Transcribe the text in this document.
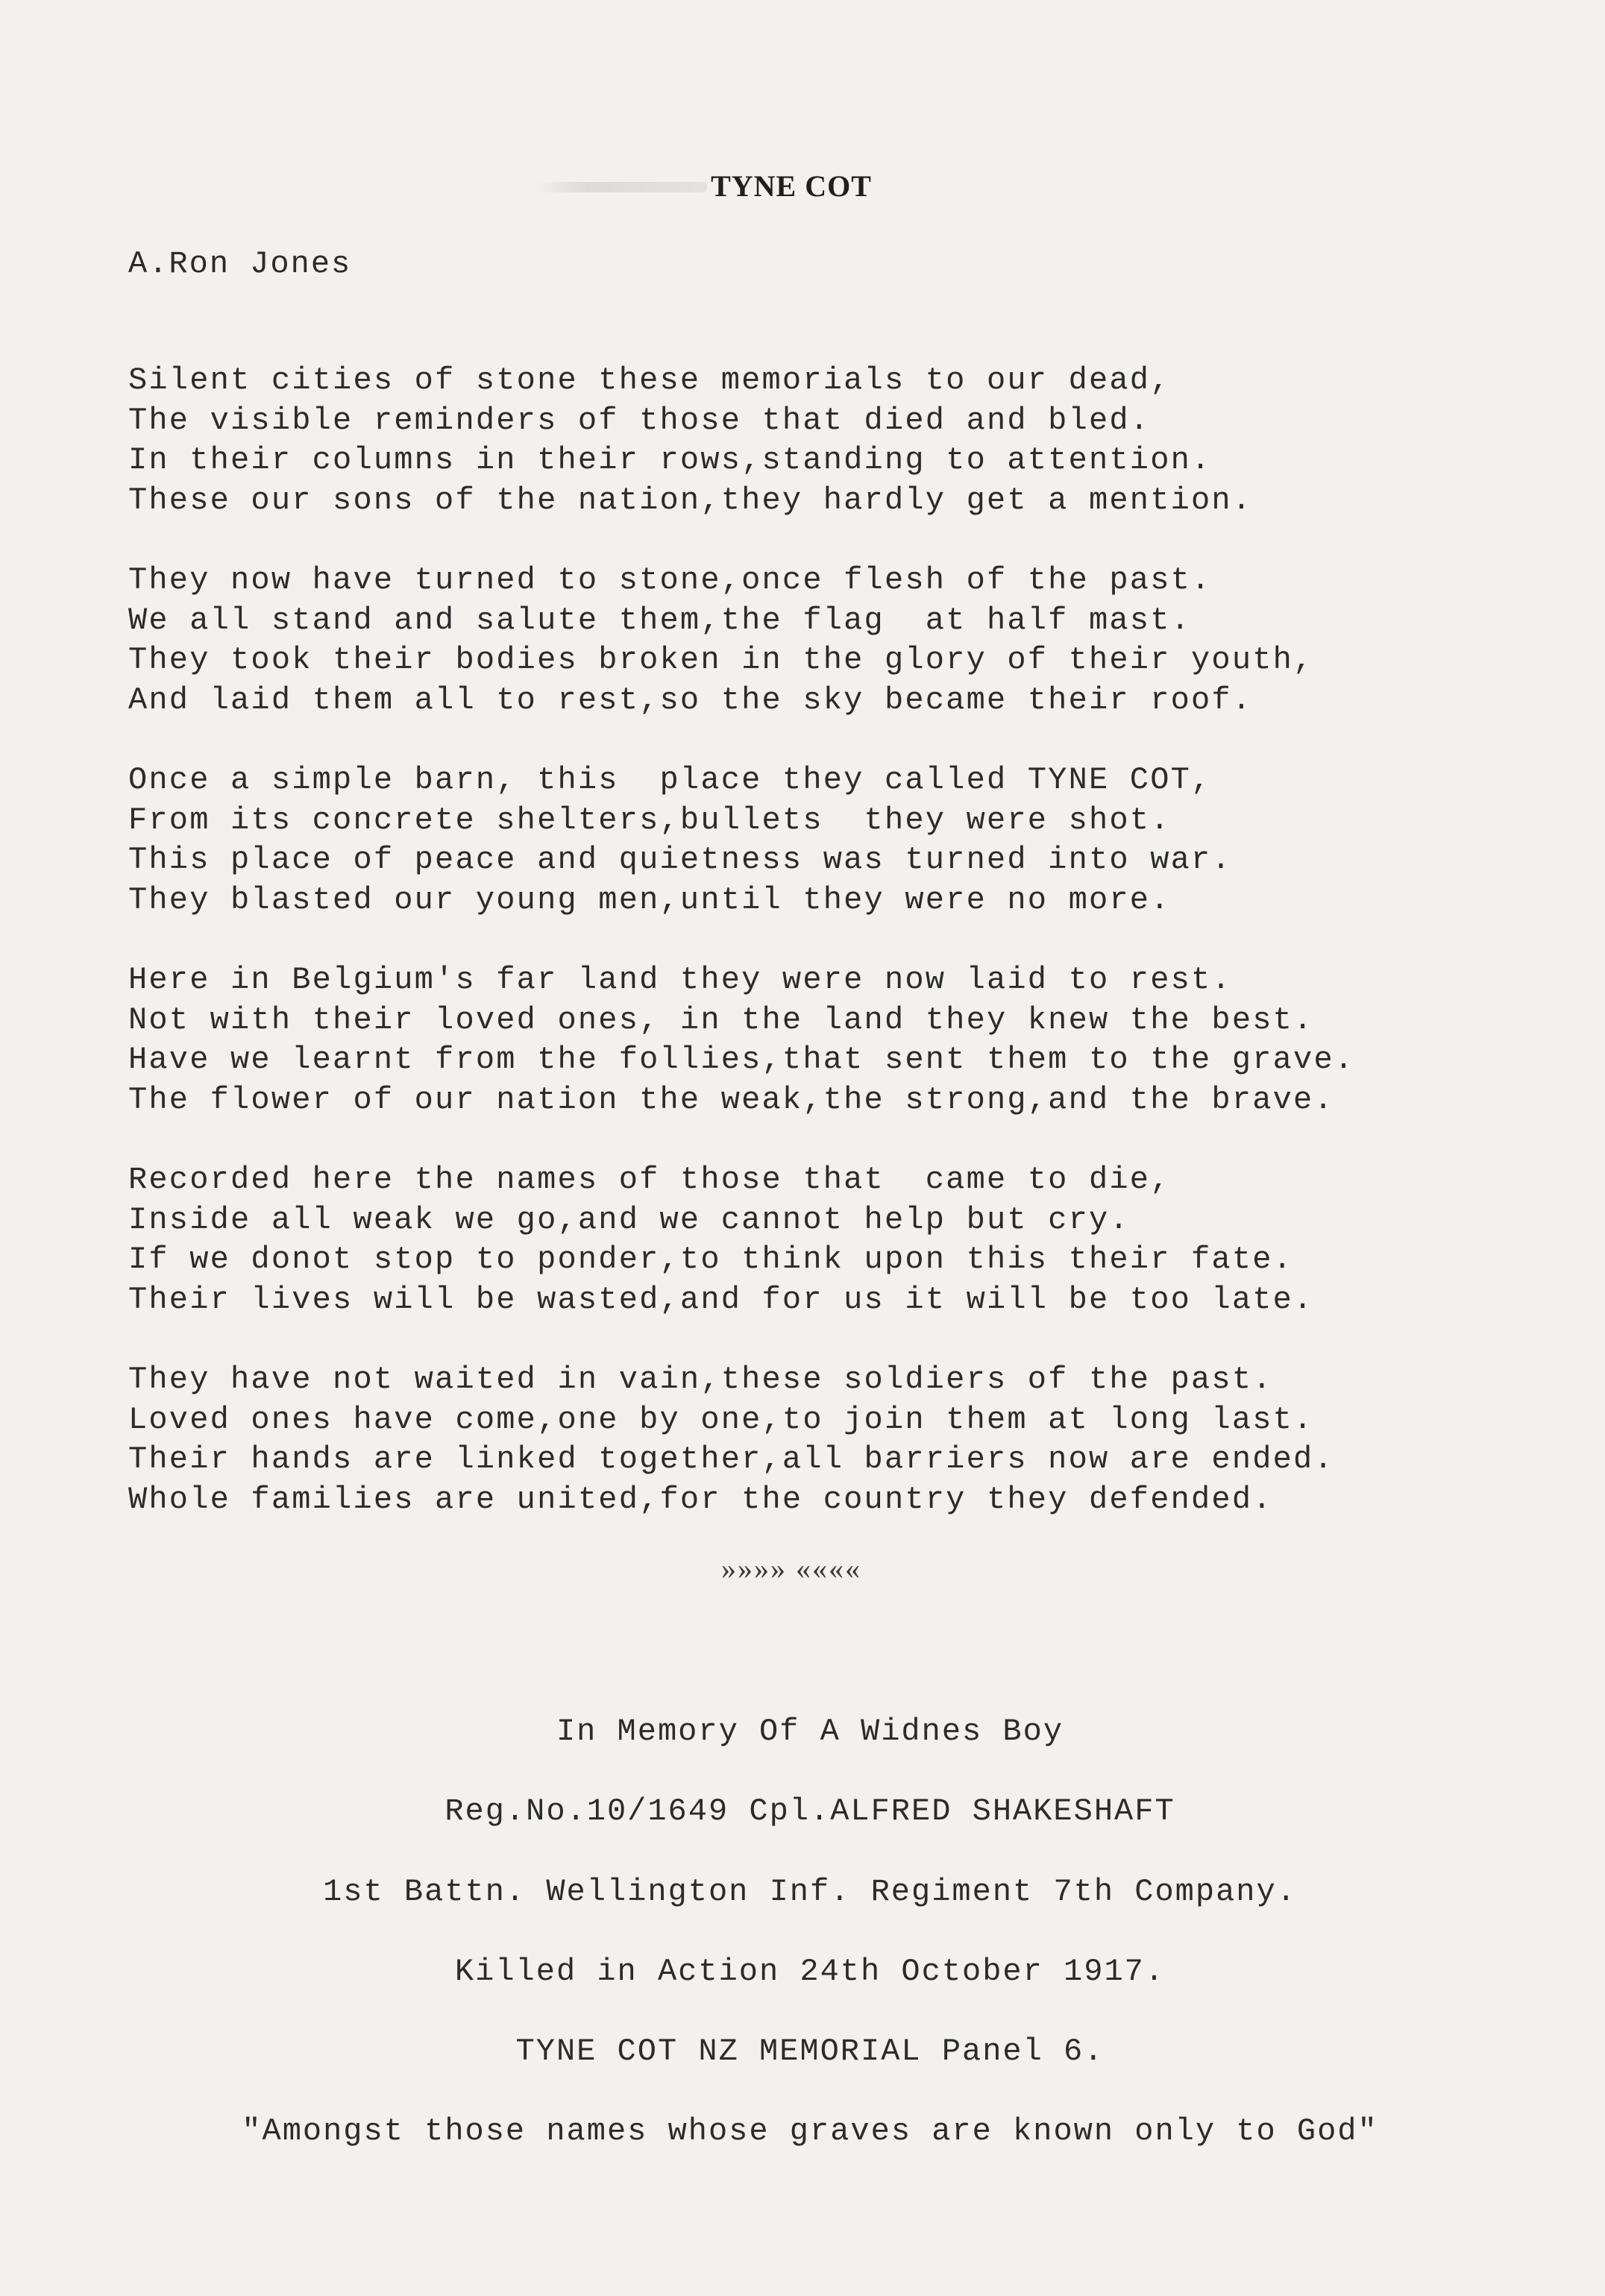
TYNE COT
A.Ron Jones
Silent cities of stone these memorials to our dead,
The visible reminders of those that died and bled.
In their columns in their rows,standing to attention.
These our sons of the nation,they hardly get a mention.
They now have turned to stone,once flesh of the past.
We all stand and salute them,the flag  at half mast.
They took their bodies broken in the glory of their youth,
And laid them all to rest,so the sky became their roof.
Once a simple barn, this  place they called TYNE COT,
From its concrete shelters,bullets  they were shot.
This place of peace and quietness was turned into war.
They blasted our young men,until they were no more.
Here in Belgium's far land they were now laid to rest.
Not with their loved ones, in the land they knew the best.
Have we learnt from the follies,that sent them to the grave.
The flower of our nation the weak,the strong,and the brave.
Recorded here the names of those that  came to die,
Inside all weak we go,and we cannot help but cry.
If we donot stop to ponder,to think upon this their fate.
Their lives will be wasted,and for us it will be too late.
They have not waited in vain,these soldiers of the past.
Loved ones have come,one by one,to join them at long last.
Their hands are linked together,all barriers now are ended.
Whole families are united,for the country they defended.
»»»» ««««
In Memory Of A Widnes Boy
Reg.No.10/1649 Cpl.ALFRED SHAKESHAFT
1st Battn. Wellington Inf. Regiment 7th Company.
Killed in Action 24th October 1917.
TYNE COT NZ MEMORIAL Panel 6.
"Amongst those names whose graves are known only to God"
